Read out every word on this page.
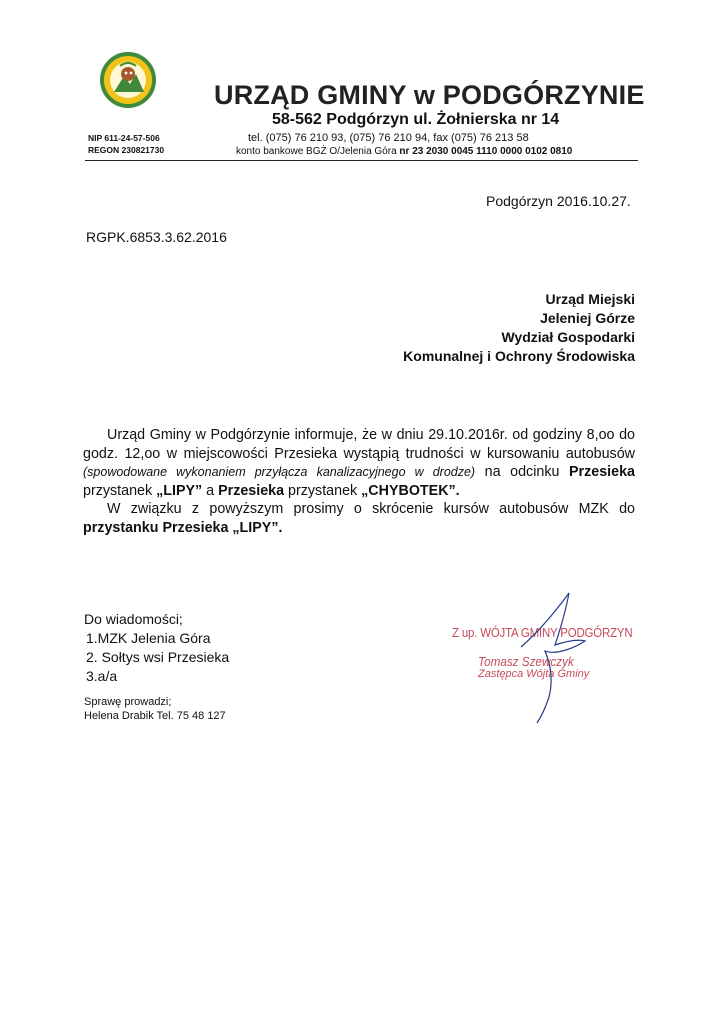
URZĄD GMINY w PODGÓRZYNIE
58-562 Podgórzyn ul. Żołnierska nr 14
NIP 611-24-57-506
REGON 230821730
tel. (075) 76 210 93, (075) 76 210 94, fax (075) 76 213 58
konto bankowe BGŻ O/Jelenia Góra nr 23 2030 0045 1110 0000 0102 0810
Podgórzyn 2016.10.27.
RGPK.6853.3.62.2016
Urząd Miejski
Jeleniej Górze
Wydział Gospodarki
Komunalnej i Ochrony Środowiska
Urząd Gminy w Podgórzynie informuje, że w dniu 29.10.2016r. od godziny 8,oo do godz. 12,oo w miejscowości Przesieka wystąpią trudności w kursowaniu autobusów (spowodowane wykonaniem przyłącza kanalizacyjnego w drodze) na odcinku Przesieka przystanek „LIPY” a Przesieka przystanek „CHYBOTEK”.
W związku z powyższym prosimy o skrócenie kursów autobusów MZK do przystanku Przesieka „LIPY”.
Do wiadomości;
1.MZK Jelenia Góra
2. Sołtys wsi Przesieka
3.a/a
Sprawę prowadzi;
Helena Drabik Tel. 75 48 127
Z up. WÓJTA GMINY PODGÓRZYN
Tomasz Szewczyk
Zastępca Wójta Gminy
